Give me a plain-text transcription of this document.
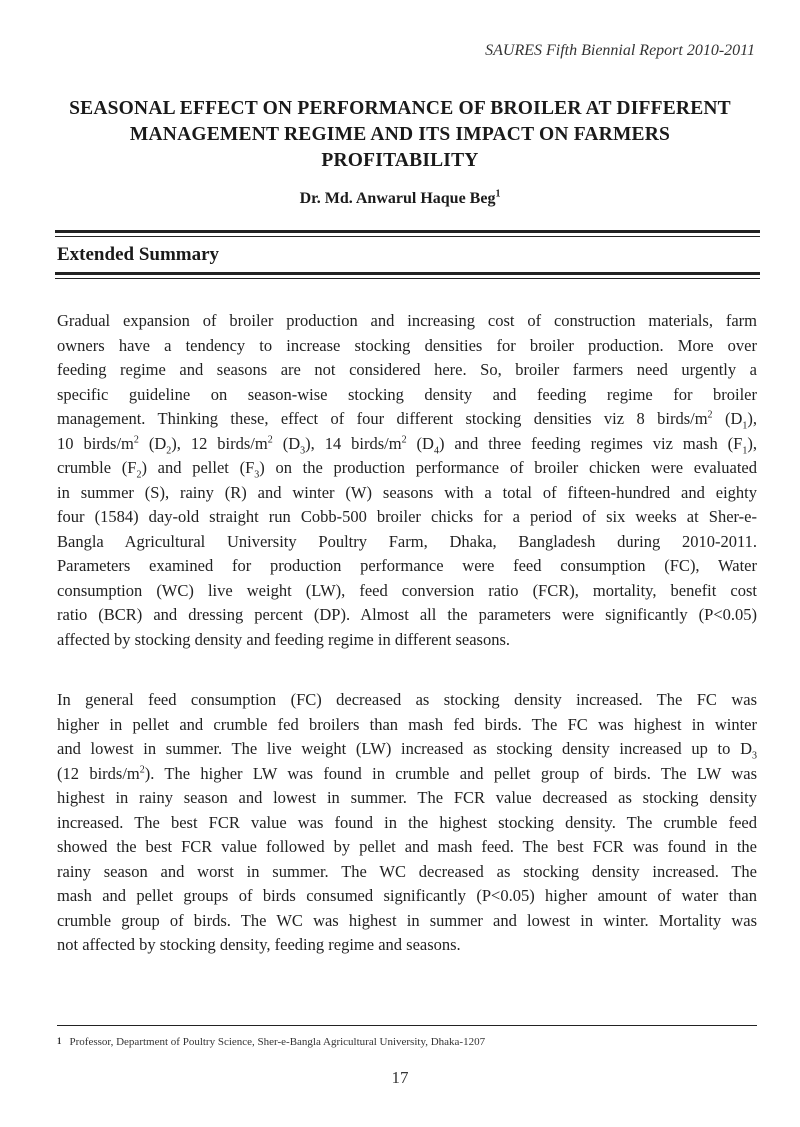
SAURES Fifth Biennial Report 2010-2011
SEASONAL EFFECT ON PERFORMANCE OF BROILER AT DIFFERENT
MANAGEMENT REGIME AND ITS IMPACT ON FARMERS
PROFITABILITY
Dr. Md. Anwarul Haque Beg$^1$
Extended Summary
Gradual expansion of broiler production and increasing cost of construction materials, farm
owners have a tendency to increase stocking densities for broiler production. More over
feeding regime and seasons are not considered here. So, broiler farmers need urgently a
specific guideline on season-wise stocking density and feeding regime for broiler
management. Thinking these, effect of four different stocking densities viz 8 birds/$m^2$ $(D_1)$,
10 birds/$m^2$ $(D_2)$, 12 birds/$m^2$ $(D_3)$, 14 birds/$m^2$ $(D_4)$ and three feeding regimes viz mash $(F_1)$,
crumble $(F_2)$ and pellet $(F_3)$ on the production performance of broiler chicken were evaluated
in summer (S), rainy (R) and winter (W) seasons with a total of fifteen-hundred and eighty
four (1584) day-old straight run Cobb-500 broiler chicks for a period of six weeks at Sher-e-
Bangla Agricultural University Poultry Farm, Dhaka, Bangladesh during 2010-2011.
Parameters examined for production performance were feed consumption (FC), Water
consumption (WC) live weight (LW), feed conversion ratio (FCR), mortality, benefit cost
ratio (BCR) and dressing percent (DP). Almost all the parameters were significantly (P<0.05)
affected by stocking density and feeding regime in different seasons.
In general feed consumption (FC) decreased as stocking density increased. The FC was
higher in pellet and crumble fed broilers than mash fed birds. The FC was highest in winter
and lowest in summer. The live weight (LW) increased as stocking density increased up to $D_3$
(12 birds/$m^2$). The higher LW was found in crumble and pellet group of birds. The LW was
highest in rainy season and lowest in summer. The FCR value decreased as stocking density
increased. The best FCR value was found in the highest stocking density. The crumble feed
showed the best FCR value followed by pellet and mash feed. The best FCR was found in the
rainy season and worst in summer. The WC decreased as stocking density increased. The
mash and pellet groups of birds consumed significantly (P<0.05) higher amount of water than
crumble group of birds. The WC was highest in summer and lowest in winter. Mortality was
not affected by stocking density, feeding regime and seasons.
$^1$ Professor, Department of Poultry Science, Sher-e-Bangla Agricultural University, Dhaka-1207
17
